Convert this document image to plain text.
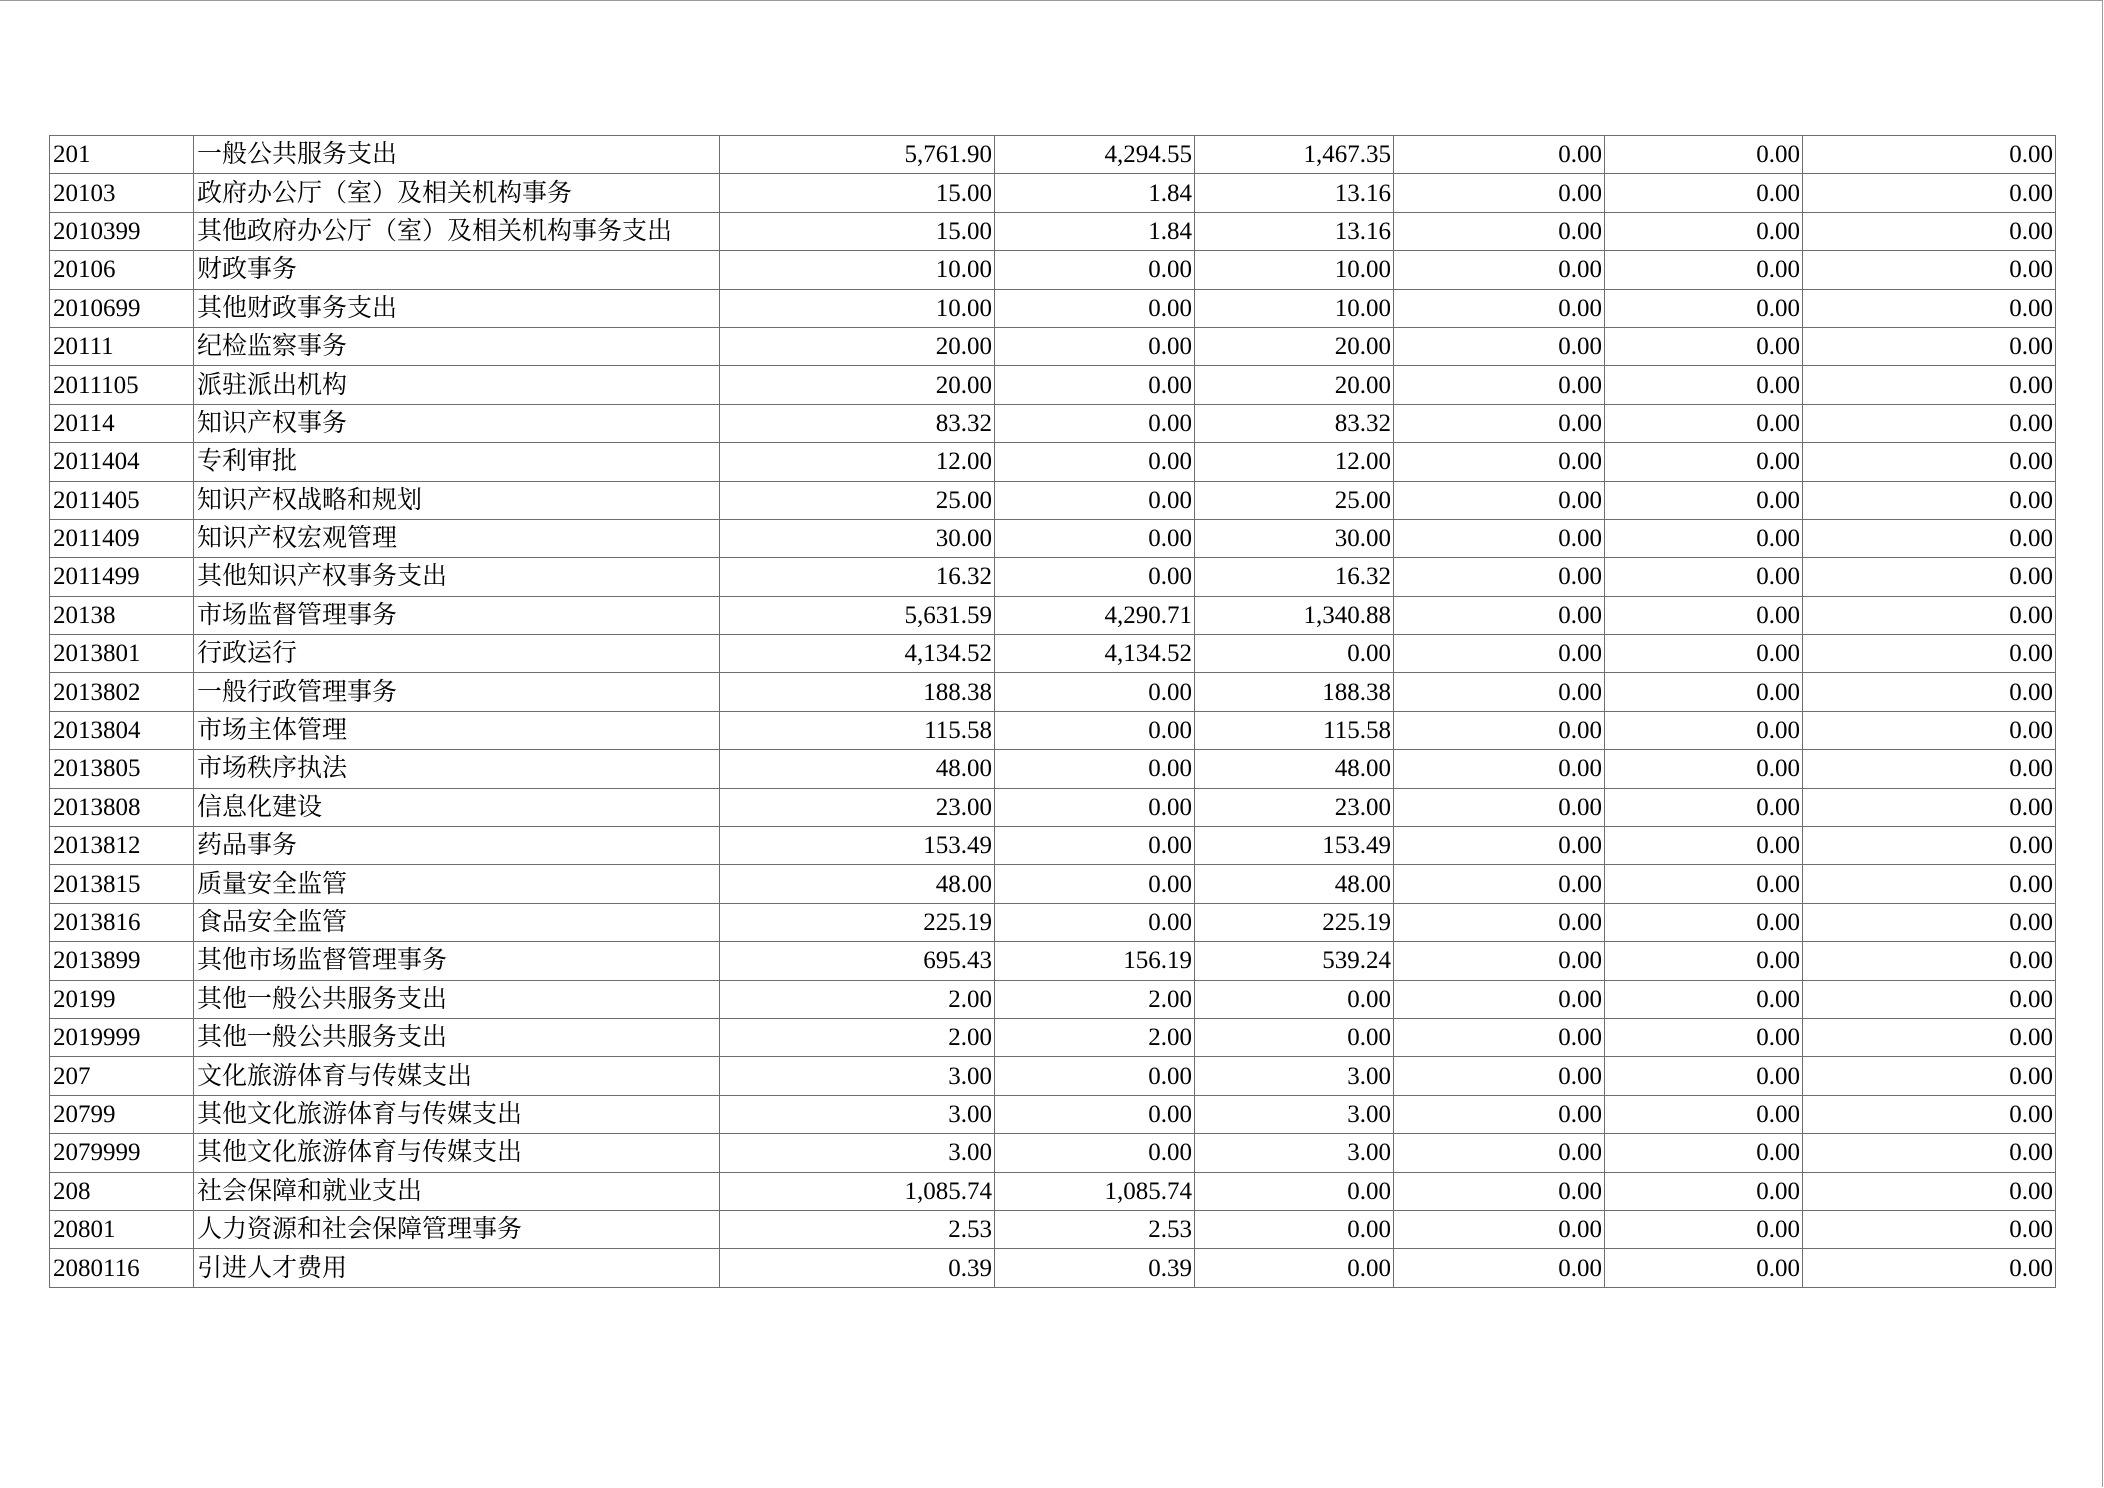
201	一般公共服务支出	5,761.90	4,294.55	1,467.35	0.00	0.00	0.00
20103	政府办公厅（室）及相关机构事务	15.00	1.84	13.16	0.00	0.00	0.00
2010399	其他政府办公厅（室）及相关机构事务支出	15.00	1.84	13.16	0.00	0.00	0.00
20106	财政事务	10.00	0.00	10.00	0.00	0.00	0.00
2010699	其他财政事务支出	10.00	0.00	10.00	0.00	0.00	0.00
20111	纪检监察事务	20.00	0.00	20.00	0.00	0.00	0.00
2011105	派驻派出机构	20.00	0.00	20.00	0.00	0.00	0.00
20114	知识产权事务	83.32	0.00	83.32	0.00	0.00	0.00
2011404	专利审批	12.00	0.00	12.00	0.00	0.00	0.00
2011405	知识产权战略和规划	25.00	0.00	25.00	0.00	0.00	0.00
2011409	知识产权宏观管理	30.00	0.00	30.00	0.00	0.00	0.00
2011499	其他知识产权事务支出	16.32	0.00	16.32	0.00	0.00	0.00
20138	市场监督管理事务	5,631.59	4,290.71	1,340.88	0.00	0.00	0.00
2013801	行政运行	4,134.52	4,134.52	0.00	0.00	0.00	0.00
2013802	一般行政管理事务	188.38	0.00	188.38	0.00	0.00	0.00
2013804	市场主体管理	115.58	0.00	115.58	0.00	0.00	0.00
2013805	市场秩序执法	48.00	0.00	48.00	0.00	0.00	0.00
2013808	信息化建设	23.00	0.00	23.00	0.00	0.00	0.00
2013812	药品事务	153.49	0.00	153.49	0.00	0.00	0.00
2013815	质量安全监管	48.00	0.00	48.00	0.00	0.00	0.00
2013816	食品安全监管	225.19	0.00	225.19	0.00	0.00	0.00
2013899	其他市场监督管理事务	695.43	156.19	539.24	0.00	0.00	0.00
20199	其他一般公共服务支出	2.00	2.00	0.00	0.00	0.00	0.00
2019999	其他一般公共服务支出	2.00	2.00	0.00	0.00	0.00	0.00
207	文化旅游体育与传媒支出	3.00	0.00	3.00	0.00	0.00	0.00
20799	其他文化旅游体育与传媒支出	3.00	0.00	3.00	0.00	0.00	0.00
2079999	其他文化旅游体育与传媒支出	3.00	0.00	3.00	0.00	0.00	0.00
208	社会保障和就业支出	1,085.74	1,085.74	0.00	0.00	0.00	0.00
20801	人力资源和社会保障管理事务	2.53	2.53	0.00	0.00	0.00	0.00
2080116	引进人才费用	0.39	0.39	0.00	0.00	0.00	0.00
